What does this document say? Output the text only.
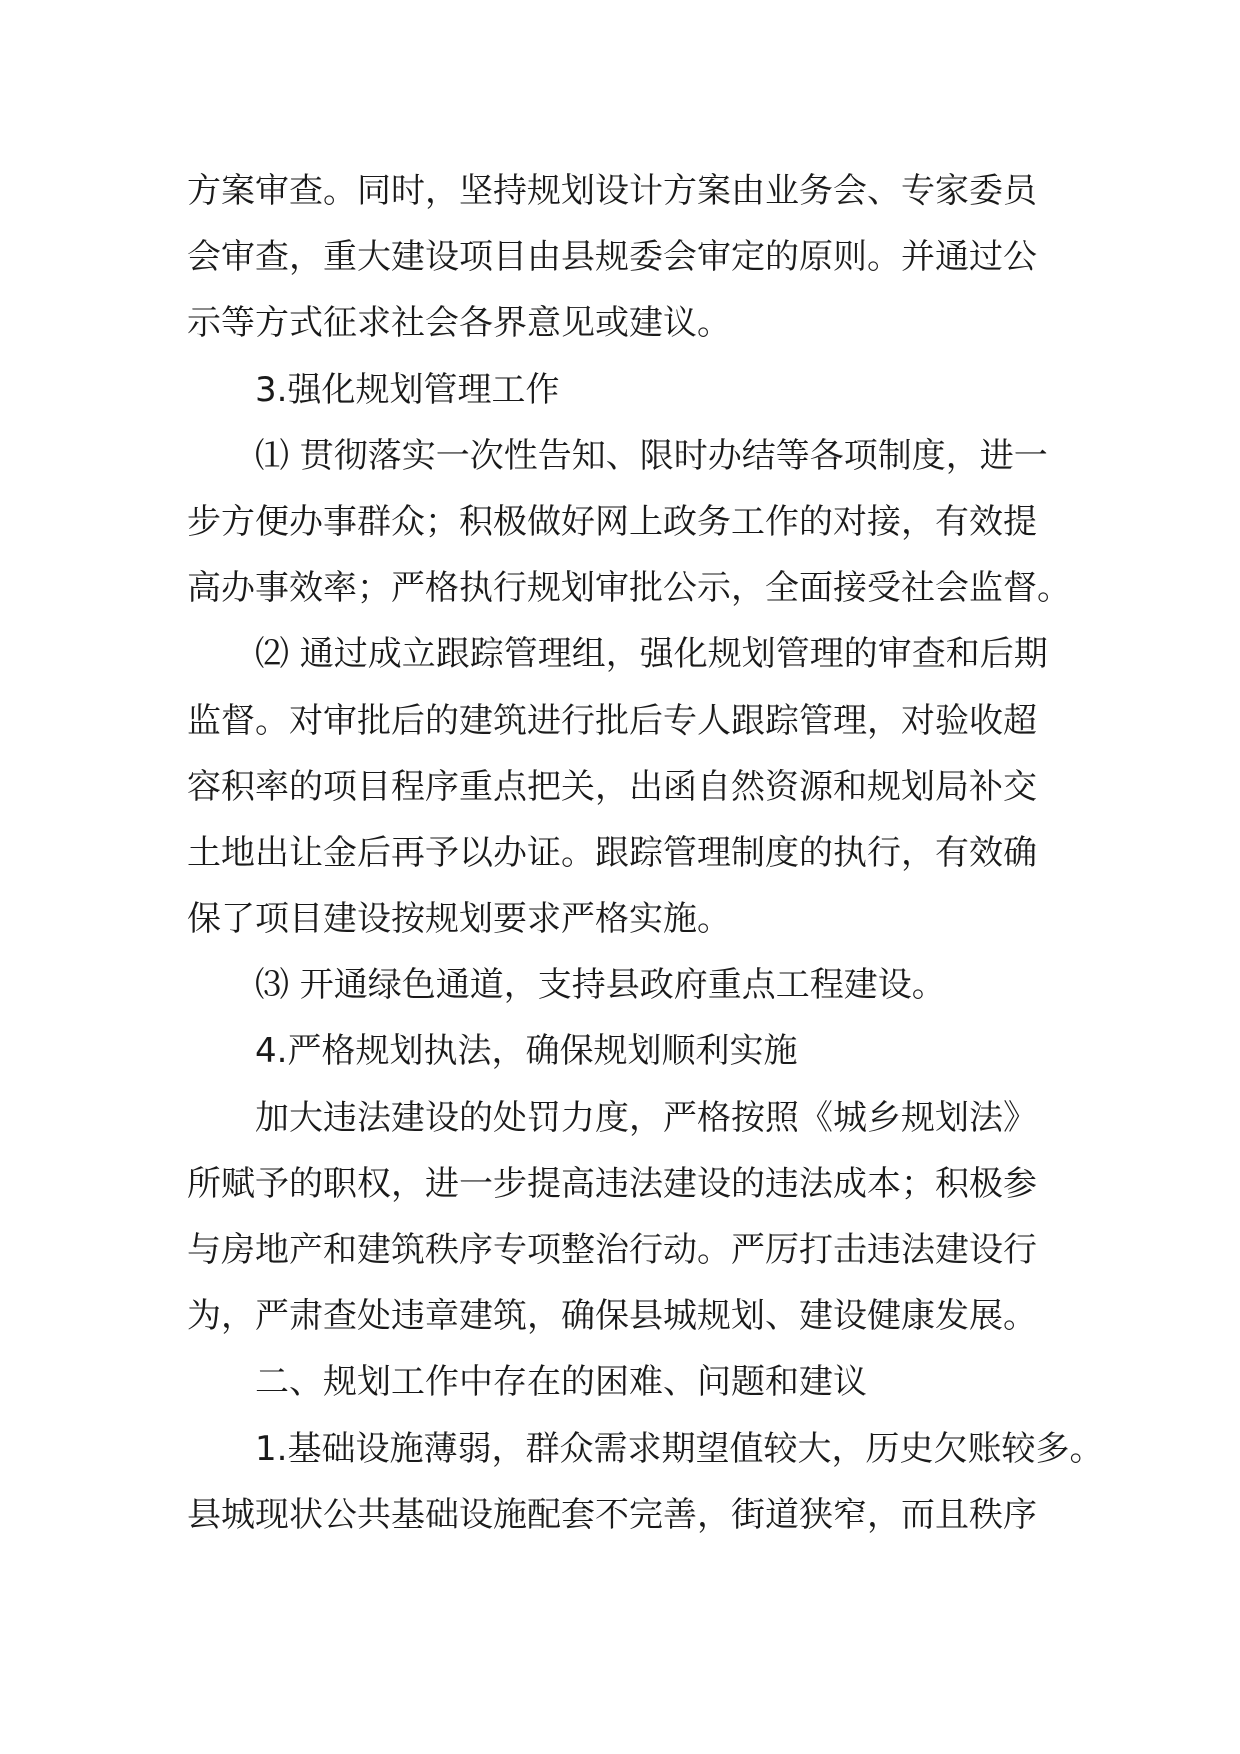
方案审查。同时，坚持规划设计方案由业务会、专家委员
会审查，重大建设项目由县规委会审定的原则。并通过公
示等方式征求社会各界意见或建议。
3.强化规划管理工作
⑴ 贯彻落实一次性告知、限时办结等各项制度，进一
步方便办事群众；积极做好网上政务工作的对接，有效提
高办事效率；严格执行规划审批公示，全面接受社会监督。
⑵ 通过成立跟踪管理组，强化规划管理的审查和后期
监督。对审批后的建筑进行批后专人跟踪管理，对验收超
容积率的项目程序重点把关，出函自然资源和规划局补交
土地出让金后再予以办证。跟踪管理制度的执行，有效确
保了项目建设按规划要求严格实施。
⑶ 开通绿色通道，支持县政府重点工程建设。
4.严格规划执法，确保规划顺利实施
加大违法建设的处罚力度，严格按照《城乡规划法》
所赋予的职权，进一步提高违法建设的违法成本；积极参
与房地产和建筑秩序专项整治行动。严厉打击违法建设行
为，严肃查处违章建筑，确保县城规划、建设健康发展。
二、规划工作中存在的困难、问题和建议
1.基础设施薄弱，群众需求期望值较大，历史欠账较多。
县城现状公共基础设施配套不完善，街道狭窄，而且秩序
